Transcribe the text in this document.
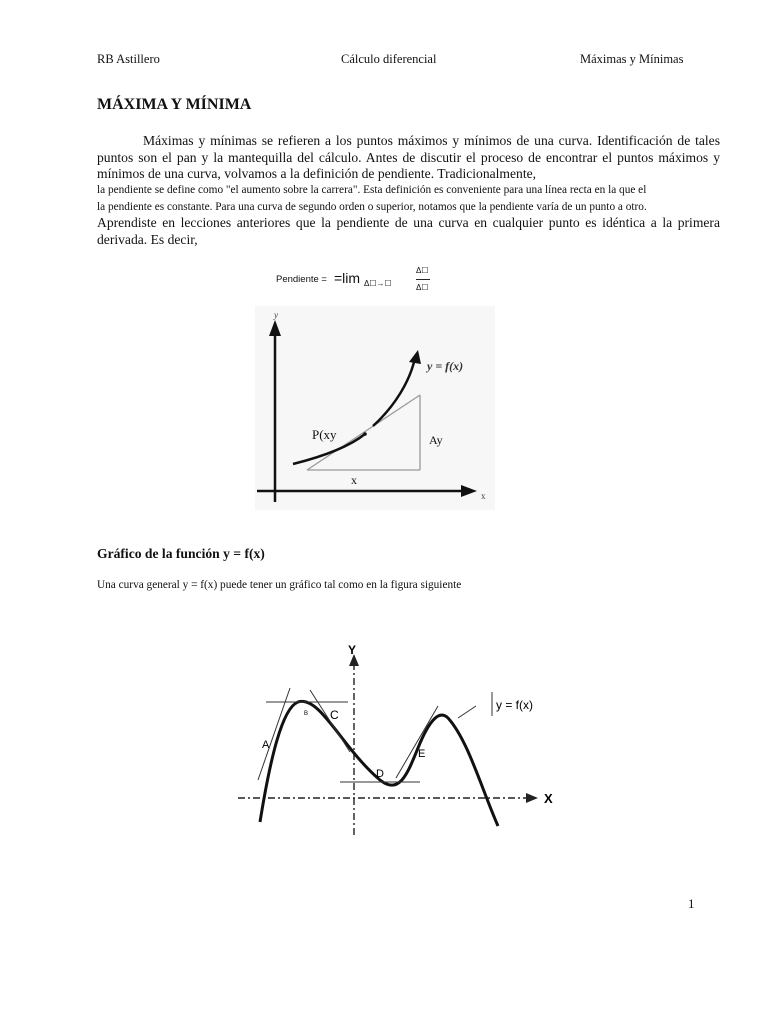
RB Astillero	Cálculo diferencial	Máximas y Mínimas
MÁXIMA Y MÍNIMA

Máximas y mínimas se refieren a los puntos máximos y mínimos de una curva. Identificación de tales puntos son el pan y la mantequilla del cálculo. Antes de discutir el proceso de encontrar el puntos máximos y mínimos de una curva, volvamos a la definición de pendiente. Tradicionalmente,

la pendiente se define como "el aumento sobre la carrera". Esta definición es conveniente para una línea recta en la que el
la pendiente es constante. Para una curva de segundo orden o superior, notamos que la pendiente varía de un punto a otro.

Aprendiste en lecciones anteriores que la pendiente de una curva en cualquier punto es idéntica a la primera derivada. Es decir,

Pendiente = =lim Δ☐→☐
Δ☐
Δ☐
y
x
y = f(x)
P(xy	Ay
x
Gráfico de la función y = f(x)
Una curva general y = f(x) puede tener un gráfico tal como en la figura siguiente
Y
X
y = f(x)
A
B C
D
E
1
